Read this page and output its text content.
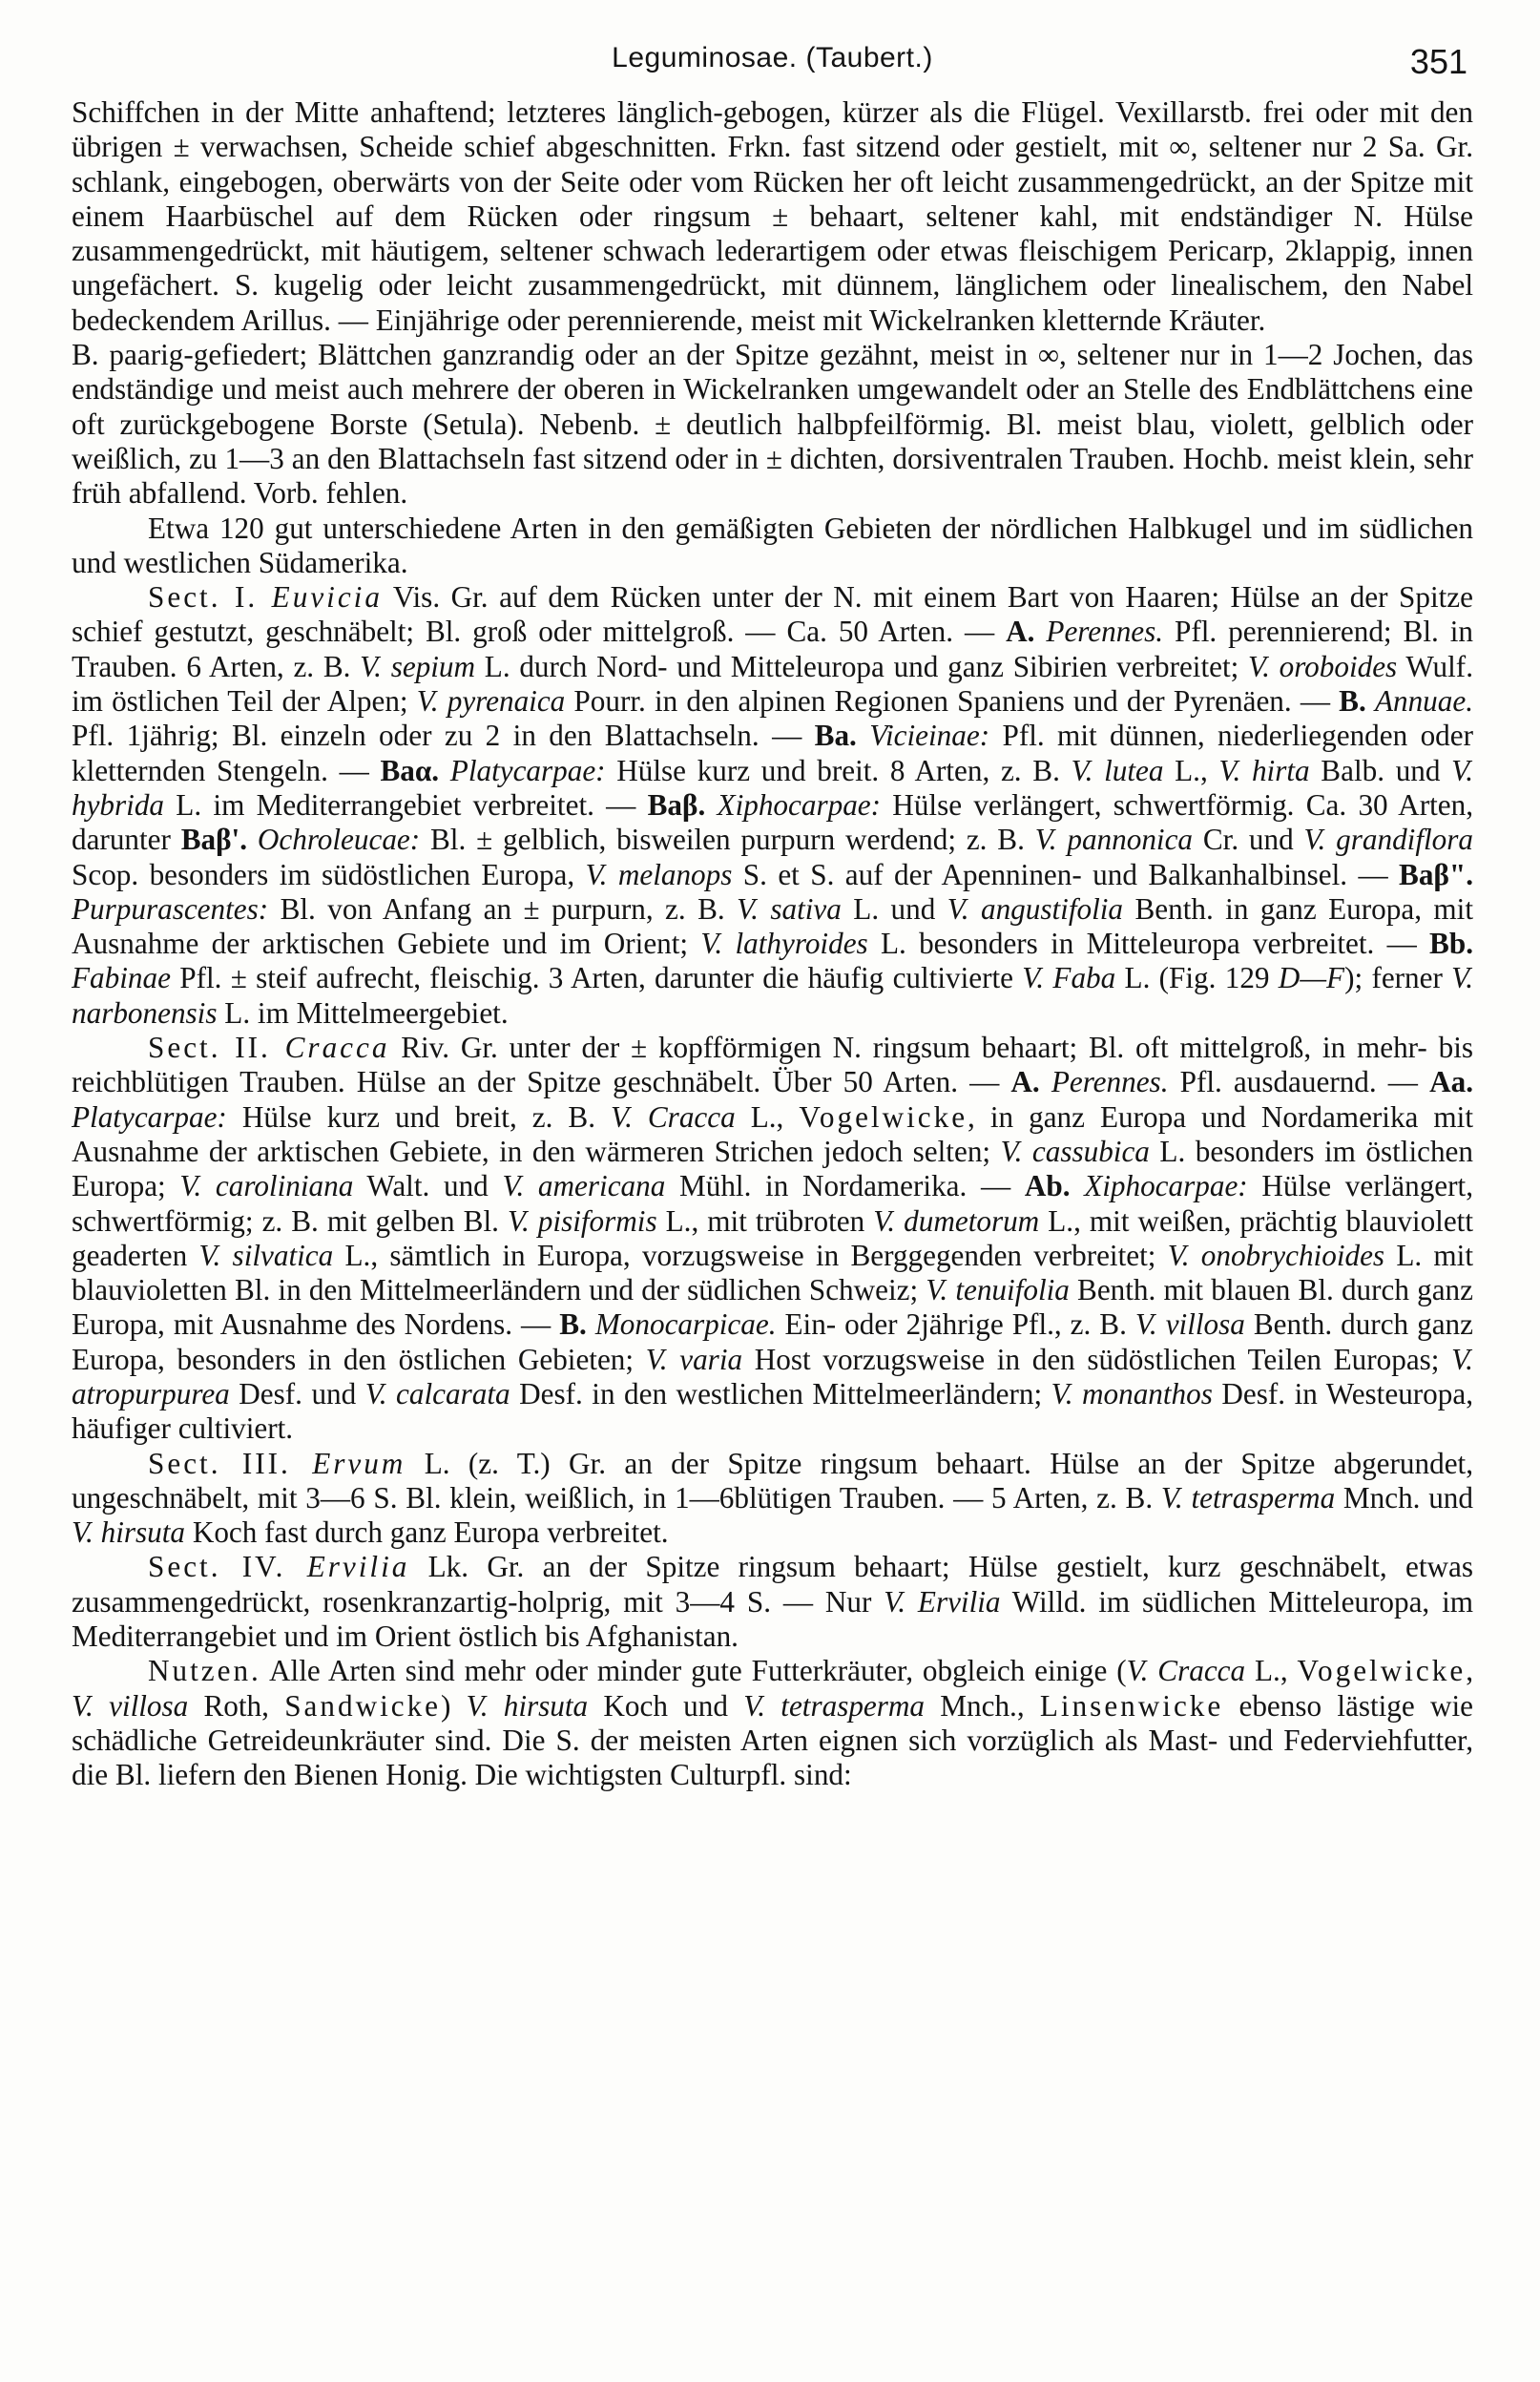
Leguminosae. (Taubert.)	351

Schiffchen in der Mitte anhaftend; letzteres länglich-gebogen, kürzer als die Flügel. Vexillarstb. frei oder mit den übrigen ± verwachsen, Scheide schief abgeschnitten. Frkn. fast sitzend oder gestielt, mit ∞, seltener nur 2 Sa. Gr. schlank, eingebogen, oberwärts von der Seite oder vom Rücken her oft leicht zusammengedrückt, an der Spitze mit einem Haarbüschel auf dem Rücken oder ringsum ± behaart, seltener kahl, mit endständiger N. Hülse zusammengedrückt, mit häutigem, seltener schwach lederartigem oder etwas fleischigem Pericarp, 2klappig, innen ungefächert. S. kugelig oder leicht zusammengedrückt, mit dünnem, länglichem oder linealischem, den Nabel bedeckendem Arillus. — Einjährige oder perennierende, meist mit Wickelranken kletternde Kräuter.

B. paarig-gefiedert; Blättchen ganzrandig oder an der Spitze gezähnt, meist in ∞, seltener nur in 1—2 Jochen, das endständige und meist auch mehrere der oberen in Wickelranken umgewandelt oder an Stelle des Endblättchens eine oft zurückgebogene Borste (Setula). Nebenb. ± deutlich halbpfeilförmig. Bl. meist blau, violett, gelblich oder weißlich, zu 1—3 an den Blattachseln fast sitzend oder in ± dichten, dorsiventralen Trauben. Hochb. meist klein, sehr früh abfallend. Vorb. fehlen.

Etwa 120 gut unterschiedene Arten in den gemäßigten Gebieten der nördlichen Halbkugel und im südlichen und westlichen Südamerika.

Sect. I. Euvicia Vis. Gr. auf dem Rücken unter der N. mit einem Bart von Haaren; Hülse an der Spitze schief gestutzt, geschnäbelt; Bl. groß oder mittelgroß. — Ca. 50 Arten. — A. Perennes. Pfl. perennierend; Bl. in Trauben. 6 Arten, z. B. V. sepium L. durch Nord- und Mitteleuropa und ganz Sibirien verbreitet; V. oroboides Wulf. im östlichen Teil der Alpen; V. pyrenaica Pourr. in den alpinen Regionen Spaniens und der Pyrenäen. — B. Annuae. Pfl. 1jährig; Bl. einzeln oder zu 2 in den Blattachseln. — Ba. Vicieinae: Pfl. mit dünnen, niederliegenden oder kletternden Stengeln. — Baα. Platycarpae: Hülse kurz und breit. 8 Arten, z. B. V. lutea L., V. hirta Balb. und V. hybrida L. im Mediterrangebiet verbreitet. — Baβ. Xiphocarpae: Hülse verlängert, schwertförmig. Ca. 30 Arten, darunter Baβ'. Ochroleucae: Bl. ± gelblich, bisweilen purpurn werdend; z. B. V. pannonica Cr. und V. grandiflora Scop. besonders im südöstlichen Europa, V. melanops S. et S. auf der Apenninen- und Balkanhalbinsel. — Baβ". Purpurascentes: Bl. von Anfang an ± purpurn, z. B. V. sativa L. und V. angustifolia Benth. in ganz Europa, mit Ausnahme der arktischen Gebiete und im Orient; V. lathyroides L. besonders in Mitteleuropa verbreitet. — Bb. Fabinae Pfl. ± steif aufrecht, fleischig. 3 Arten, darunter die häufig cultivierte V. Faba L. (Fig. 129 D—F); ferner V. narbonensis L. im Mittelmeergebiet.

Sect. II. Cracca Riv. Gr. unter der ± kopfförmigen N. ringsum behaart; Bl. oft mittelgroß, in mehr- bis reichblütigen Trauben. Hülse an der Spitze geschnäbelt. Über 50 Arten. — A. Perennes. Pfl. ausdauernd. — Aa. Platycarpae: Hülse kurz und breit, z. B. V. Cracca L., Vogelwicke, in ganz Europa und Nordamerika mit Ausnahme der arktischen Gebiete, in den wärmeren Strichen jedoch selten; V. cassubica L. besonders im östlichen Europa; V. caroliniana Walt. und V. americana Mühl. in Nordamerika. — Ab. Xiphocarpae: Hülse verlängert, schwertförmig; z. B. mit gelben Bl. V. pisiformis L., mit trübroten V. dumetorum L., mit weißen, prächtig blauviolett geaderten V. silvatica L., sämtlich in Europa, vorzugsweise in Berggegenden verbreitet; V. onobrychioides L. mit blauvioletten Bl. in den Mittelmeerländern und der südlichen Schweiz; V. tenuifolia Benth. mit blauen Bl. durch ganz Europa, mit Ausnahme des Nordens. — B. Monocarpicae. Ein- oder 2jährige Pfl., z. B. V. villosa Benth. durch ganz Europa, besonders in den östlichen Gebieten; V. varia Host vorzugsweise in den südöstlichen Teilen Europas; V. atropurpurea Desf. und V. calcarata Desf. in den westlichen Mittelmeerländern; V. monanthos Desf. in Westeuropa, häufiger cultiviert.

Sect. III. Ervum L. (z. T.) Gr. an der Spitze ringsum behaart. Hülse an der Spitze abgerundet, ungeschnäbelt, mit 3—6 S. Bl. klein, weißlich, in 1—6blütigen Trauben. — 5 Arten, z. B. V. tetrasperma Mnch. und V. hirsuta Koch fast durch ganz Europa verbreitet.

Sect. IV. Ervilia Lk. Gr. an der Spitze ringsum behaart; Hülse gestielt, kurz geschnäbelt, etwas zusammengedrückt, rosenkranzartig-holprig, mit 3—4 S. — Nur V. Ervilia Willd. im südlichen Mitteleuropa, im Mediterrangebiet und im Orient östlich bis Afghanistan.

Nutzen. Alle Arten sind mehr oder minder gute Futterkräuter, obgleich einige (V. Cracca L., Vogelwicke, V. villosa Roth, Sandwicke) V. hirsuta Koch und V. tetrasperma Mnch., Linsenwicke ebenso lästige wie schädliche Getreideunkräuter sind. Die S. der meisten Arten eignen sich vorzüglich als Mast- und Federviehfutter, die Bl. liefern den Bienen Honig. Die wichtigsten Culturpfl. sind:
